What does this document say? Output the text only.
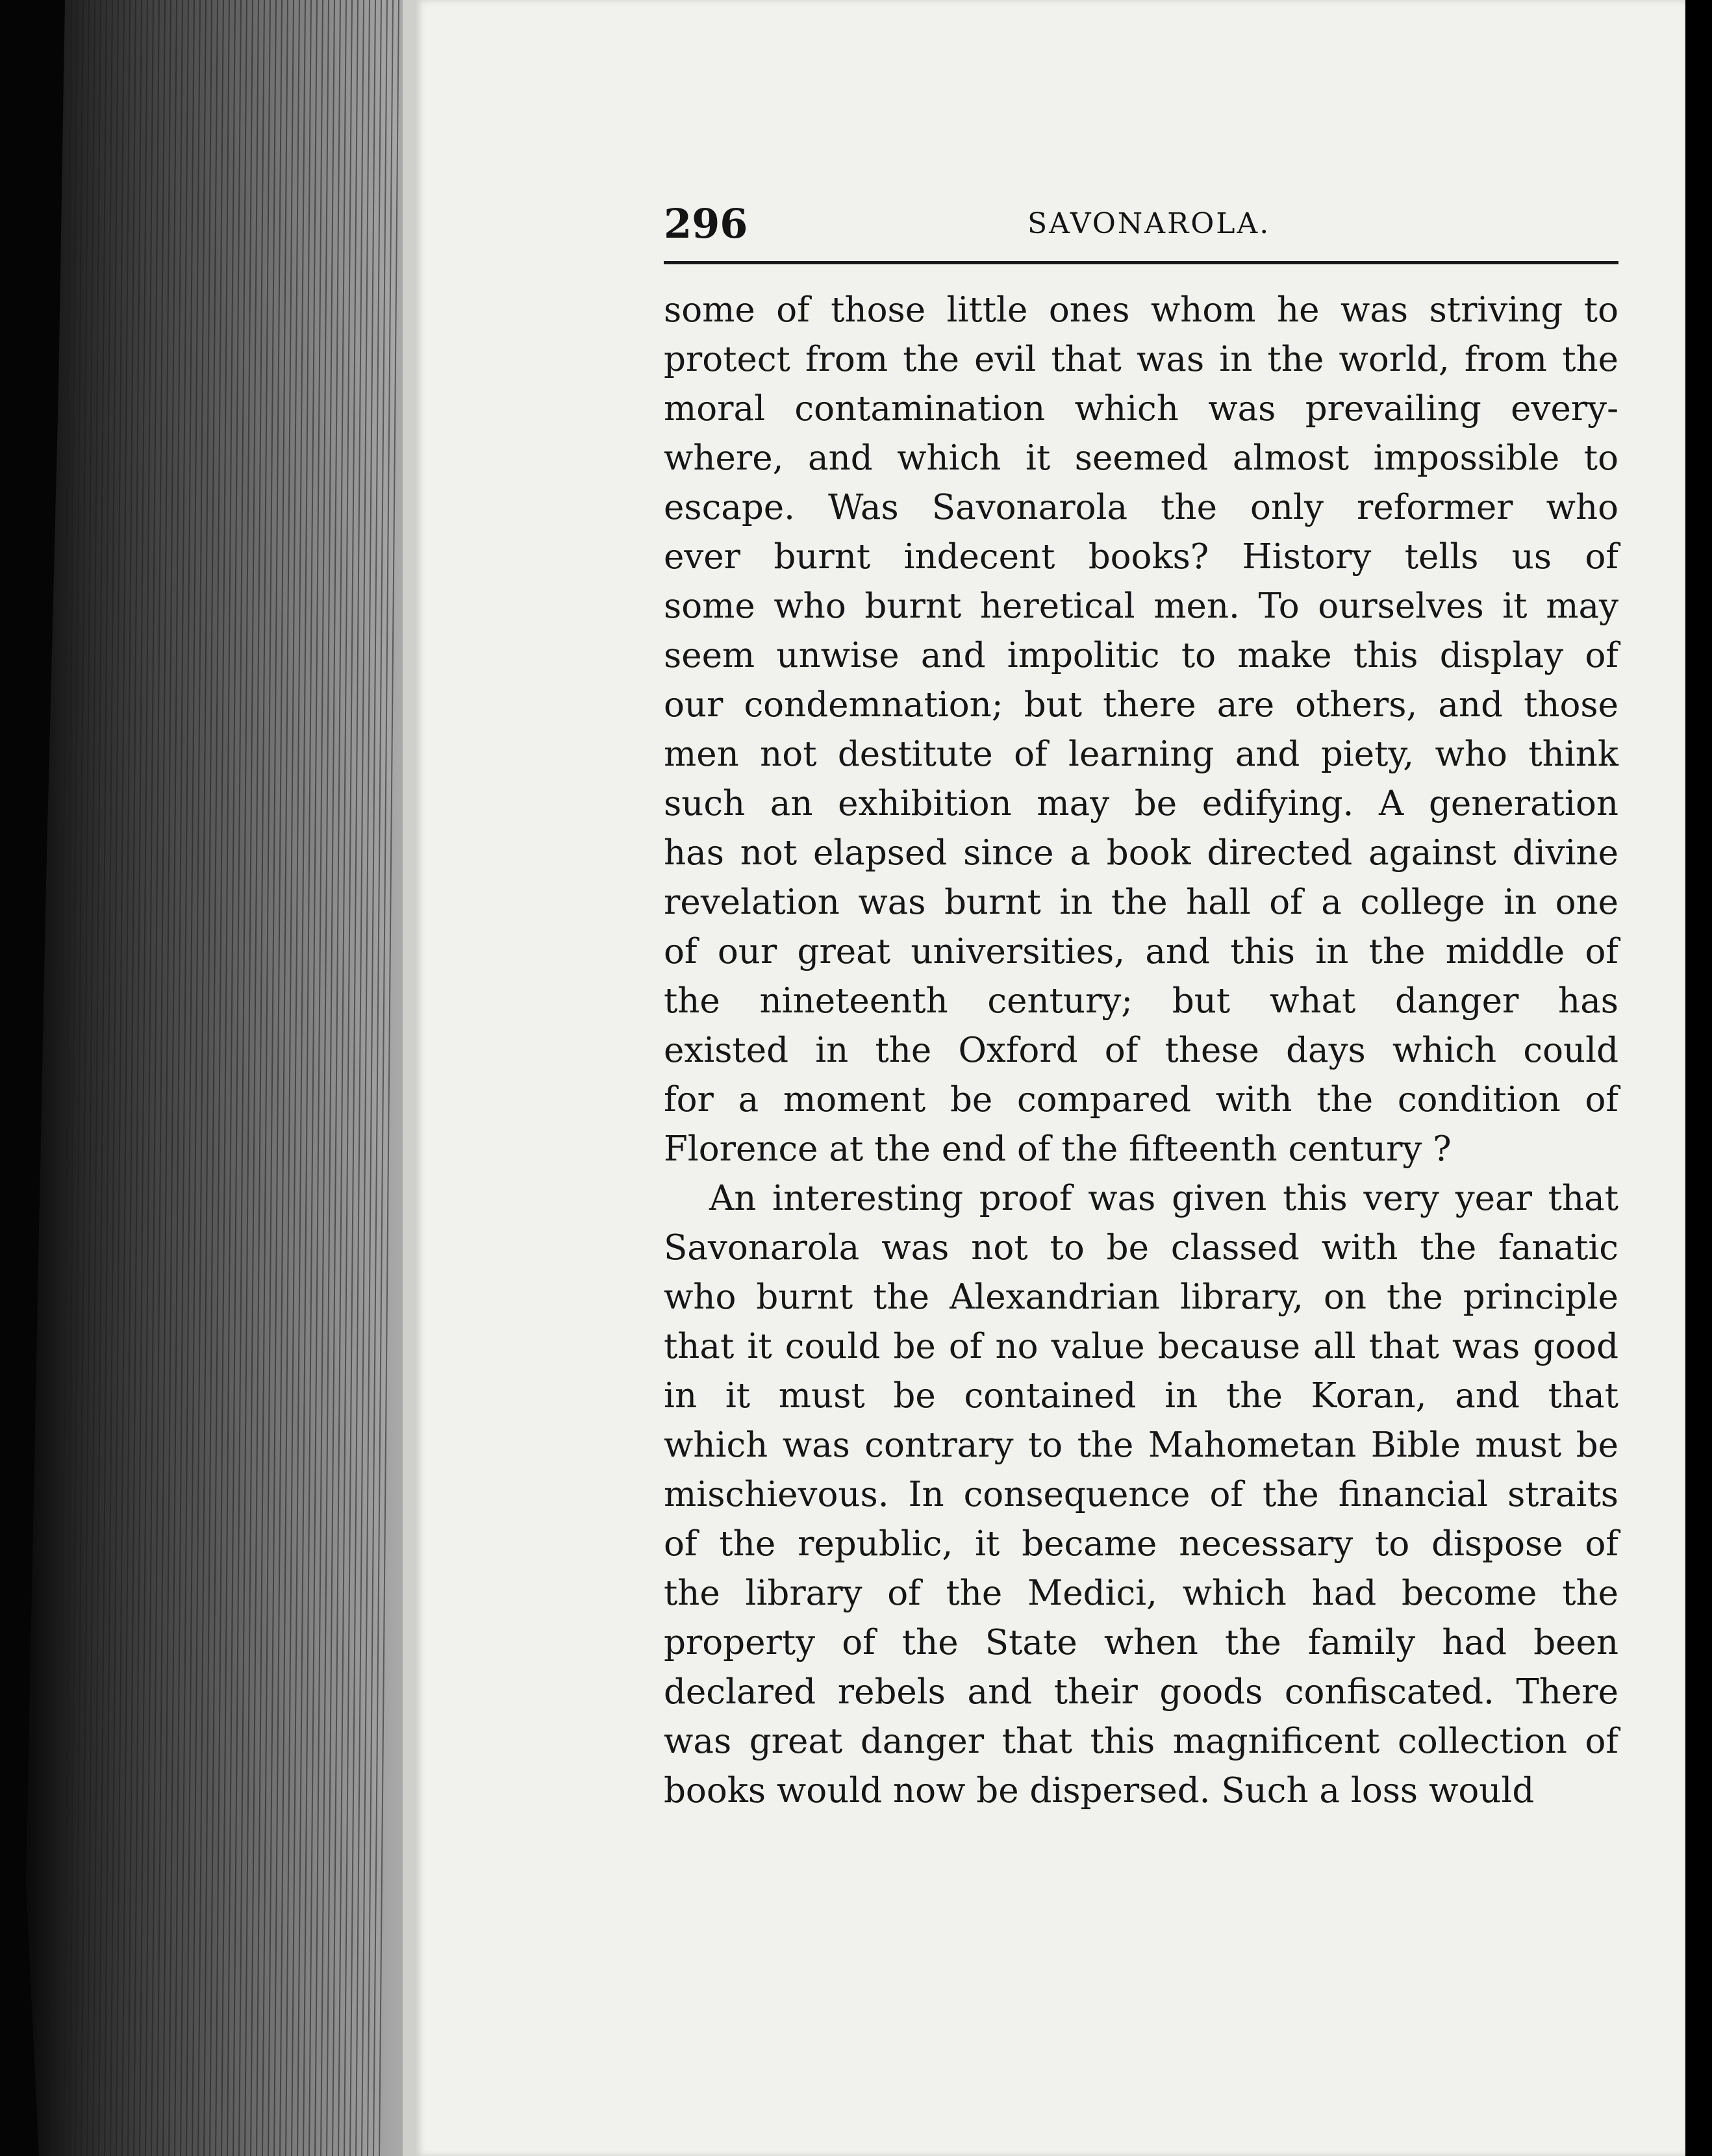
296	SAVONAROLA.
some of those little ones whom he was striving to
protect from the evil that was in the world, from the
moral contamination which was prevailing every-
where, and which it seemed almost impossible to
escape. Was Savonarola the only reformer who
ever burnt indecent books? History tells us of
some who burnt heretical men. To ourselves it may
seem unwise and impolitic to make this display of
our condemnation; but there are others, and those
men not destitute of learning and piety, who think
such an exhibition may be edifying. A generation
has not elapsed since a book directed against divine
revelation was burnt in the hall of a college in one
of our great universities, and this in the middle of
the nineteenth century; but what danger has
existed in the Oxford of these days which could
for a moment be compared with the condition of
Florence at the end of the fifteenth century ?
An interesting proof was given this very year that
Savonarola was not to be classed with the fanatic
who burnt the Alexandrian library, on the principle
that it could be of no value because all that was good
in it must be contained in the Koran, and that
which was contrary to the Mahometan Bible must be
mischievous. In consequence of the financial straits
of the republic, it became necessary to dispose of
the library of the Medici, which had become the
property of the State when the family had been
declared rebels and their goods confiscated. There
was great danger that this magnificent collection of
books would now be dispersed. Such a loss would
